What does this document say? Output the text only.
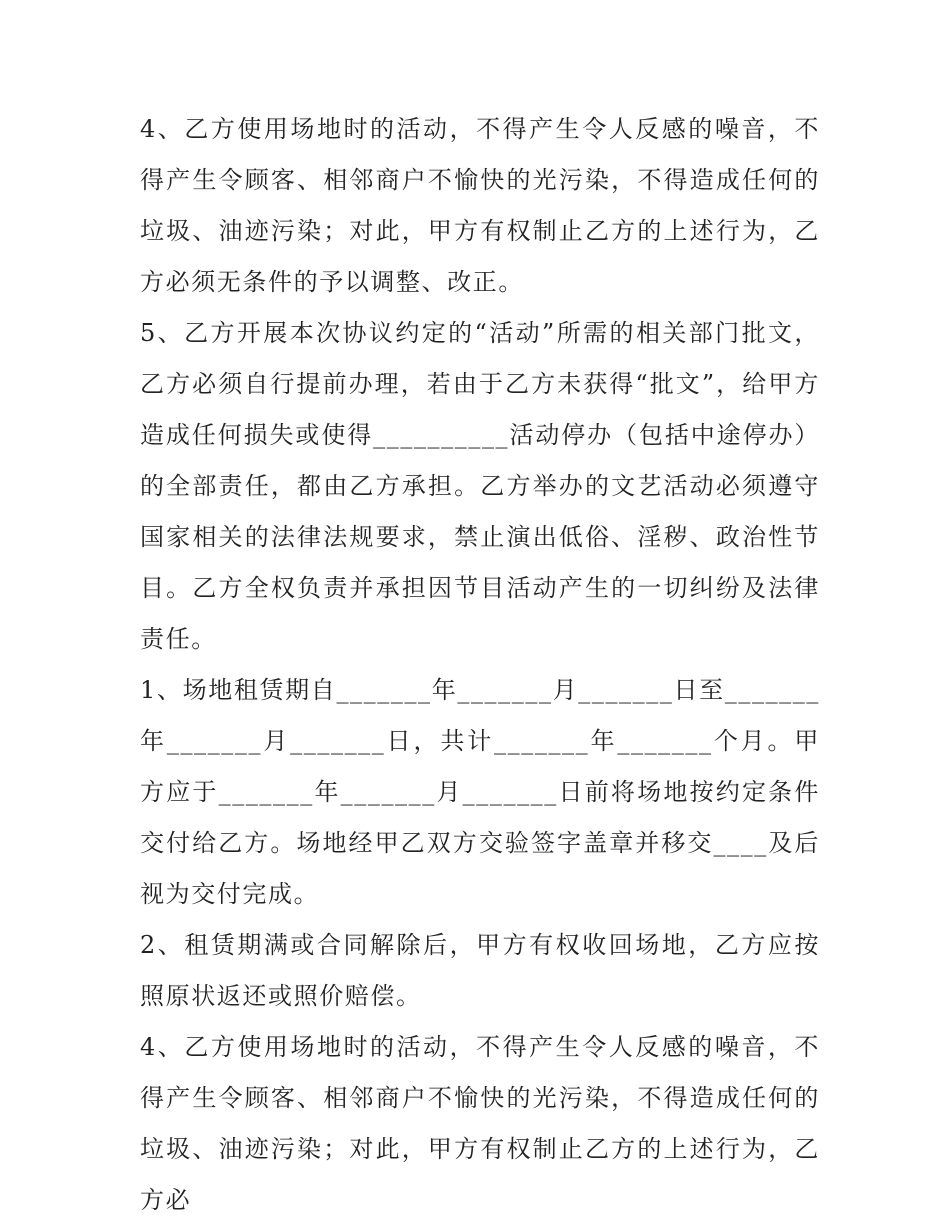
4、乙方使用场地时的活动，不得产生令人反感的噪音，不得产生令顾客、相邻商户不愉快的光污染，不得造成任何的垃圾、油迹污染；对此，甲方有权制止乙方的上述行为，乙方必须无条件的予以调整、改正。

5、乙方开展本次协议约定的“活动”所需的相关部门批文，乙方必须自行提前办理，若由于乙方未获得“批文”，给甲方造成任何损失或使得__________活动停办（包括中途停办）的全部责任，都由乙方承担。乙方举办的文艺活动必须遵守国家相关的法律法规要求，禁止演出低俗、淫秽、政治性节目。乙方全权负责并承担因节目活动产生的一切纠纷及法律责任。

1、场地租赁期自_______年_______月_______日至_______年_______月_______日，共计_______年_______个月。甲方应于_______年_______月_______日前将场地按约定条件交付给乙方。场地经甲乙双方交验签字盖章并移交____及后视为交付完成。

2、租赁期满或合同解除后，甲方有权收回场地，乙方应按照原状返还或照价赔偿。

4、乙方使用场地时的活动，不得产生令人反感的噪音，不得产生令顾客、相邻商户不愉快的光污染，不得造成任何的垃圾、油迹污染；对此，甲方有权制止乙方的上述行为，乙方必
